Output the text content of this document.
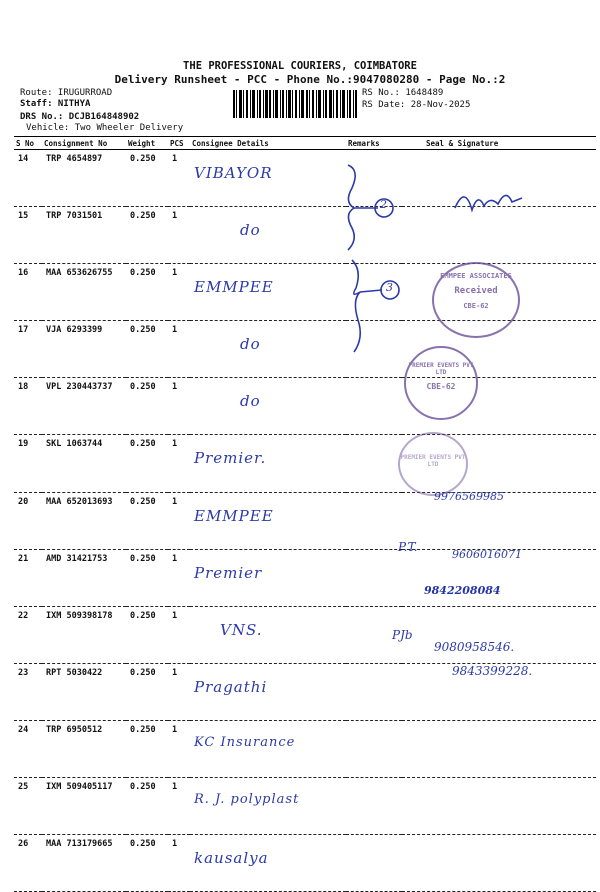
THE PROFESSIONAL COURIERS, COIMBATORE
Delivery Runsheet - PCC - Phone No.:9047080280 - Page No.:2
Route: IRUGURROAD
Staff: NITHYA
DRS No.: DCJB164848902
Vehicle: Two Wheeler Delivery
RS No.: 1648489
RS Date: 28-Nov-2025
S No	Consignment No	Weight	PCS	Consignee Details	Remarks	Seal & Signature
14	TRP 4654897	0.250	1	VIBAYOR		
15	TRP 7031501	0.250	1	do		
16	MAA 653626755	0.250	1	EMMPEE		
17	VJA 6293399	0.250	1	do		
18	VPL 230443737	0.250	1	do		
19	SKL 1063744	0.250	1	Premier.		
20	MAA 652013693	0.250	1	EMMPEE		
21	AMD 31421753	0.250	1	Premier		
22	IXM 509398178	0.250	1	VNS.		
23	RPT 5030422	0.250	1	Pragathi		
24	TRP 6950512	0.250	1	KC Insurance		
25	IXM 509405117	0.250	1	R. J. polyplast		
26	MAA 713179665	0.250	1	kausalya		
2
3
EMMPEE ASSOCIATES
Received
CBE-62
PREMIER EVENTS PVT LTD
CBE-62
PREMIER EVENTS PVT LTD
9976569985
P.T.
9606016071
9842208084
PJb
9080958546.
9843399228.
